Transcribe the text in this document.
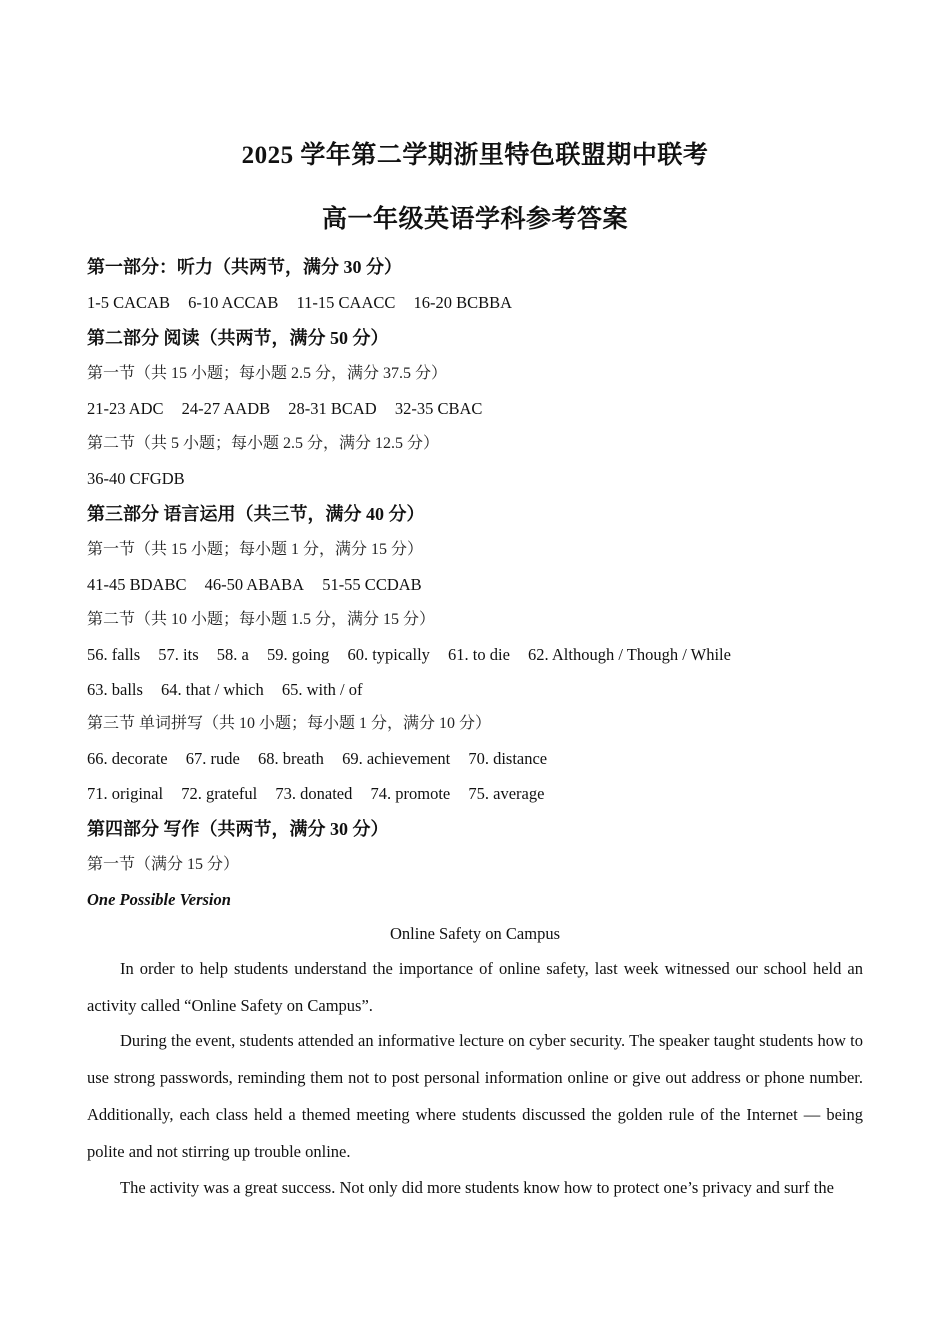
2025 学年第二学期浙里特色联盟期中联考
高一年级英语学科参考答案
第一部分：听力（共两节，满分 30 分）
1-5 CACAB 6-10 ACCAB 11-15 CAACC 16-20 BCBBA
第二部分 阅读（共两节，满分 50 分）
第一节（共 15 小题；每小题 2.5 分，满分 37.5 分）
21-23 ADC 24-27 AADB 28-31 BCAD 32-35 CBAC
第二节（共 5 小题；每小题 2.5 分，满分 12.5 分）
36-40 CFGDB
第三部分 语言运用（共三节，满分 40 分）
第一节（共 15 小题；每小题 1 分，满分 15 分）
41-45 BDABC 46-50 ABABA 51-55 CCDAB
第二节（共 10 小题；每小题 1.5 分，满分 15 分）
56. falls 57. its 58. a 59. going 60. typically 61. to die 62. Although / Though / While
63. balls 64. that / which 65. with / of
第三节 单词拼写（共 10 小题；每小题 1 分，满分 10 分）
66. decorate 67. rude 68. breath 69. achievement 70. distance
71. original 72. grateful 73. donated 74. promote 75. average
第四部分 写作（共两节，满分 30 分）
第一节（满分 15 分）
One Possible Version
Online Safety on Campus
In order to help students understand the importance of online safety, last week witnessed our school held an activity called “Online Safety on Campus”.
During the event, students attended an informative lecture on cyber security. The speaker taught students how to use strong passwords, reminding them not to post personal information online or give out address or phone number. Additionally, each class held a themed meeting where students discussed the golden rule of the Internet — being polite and not stirring up trouble online.
The activity was a great success. Not only did more students know how to protect one’s privacy and surf the
